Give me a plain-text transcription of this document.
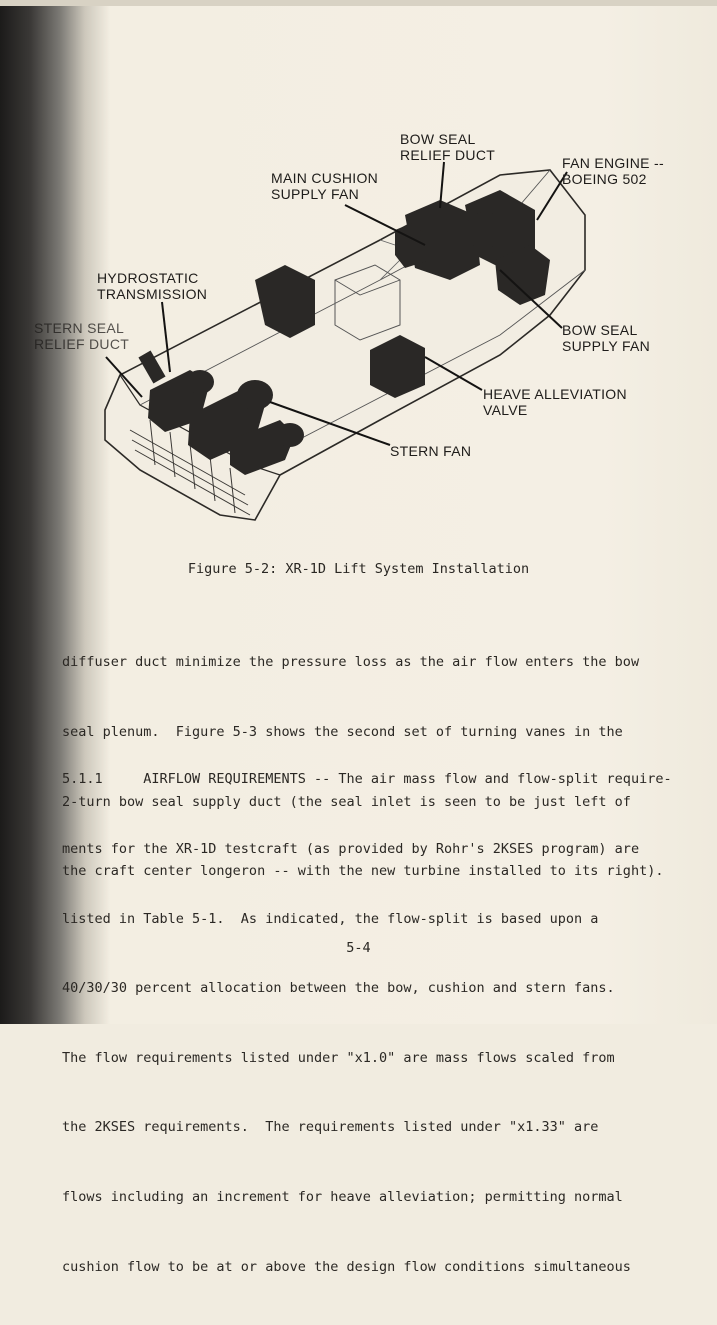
BOW SEAL
RELIEF DUCT
MAIN CUSHION
SUPPLY FAN
FAN ENGINE --
BOEING 502
HYDROSTATIC
TRANSMISSION
STERN SEAL
RELIEF DUCT
BOW SEAL
SUPPLY FAN
HEAVE ALLEVIATION
VALVE
STERN FAN
Figure 5-2: XR-1D Lift System Installation

diffuser duct minimize the pressure loss as the air flow enters the bow

seal plenum.  Figure 5-3 shows the second set of turning vanes in the

2-turn bow seal supply duct (the seal inlet is seen to be just left of

the craft center longeron -- with the new turbine installed to its right).

5.1.1     AIRFLOW REQUIREMENTS -- The air mass flow and flow-split require-

ments for the XR-1D testcraft (as provided by Rohr's 2KSES program) are

listed in Table 5-1.  As indicated, the flow-split is based upon a

40/30/30 percent allocation between the bow, cushion and stern fans.

The flow requirements listed under "x1.0" are mass flows scaled from

the 2KSES requirements.  The requirements listed under "x1.33" are

flows including an increment for heave alleviation; permitting normal

cushion flow to be at or above the design flow conditions simultaneous

5-4
